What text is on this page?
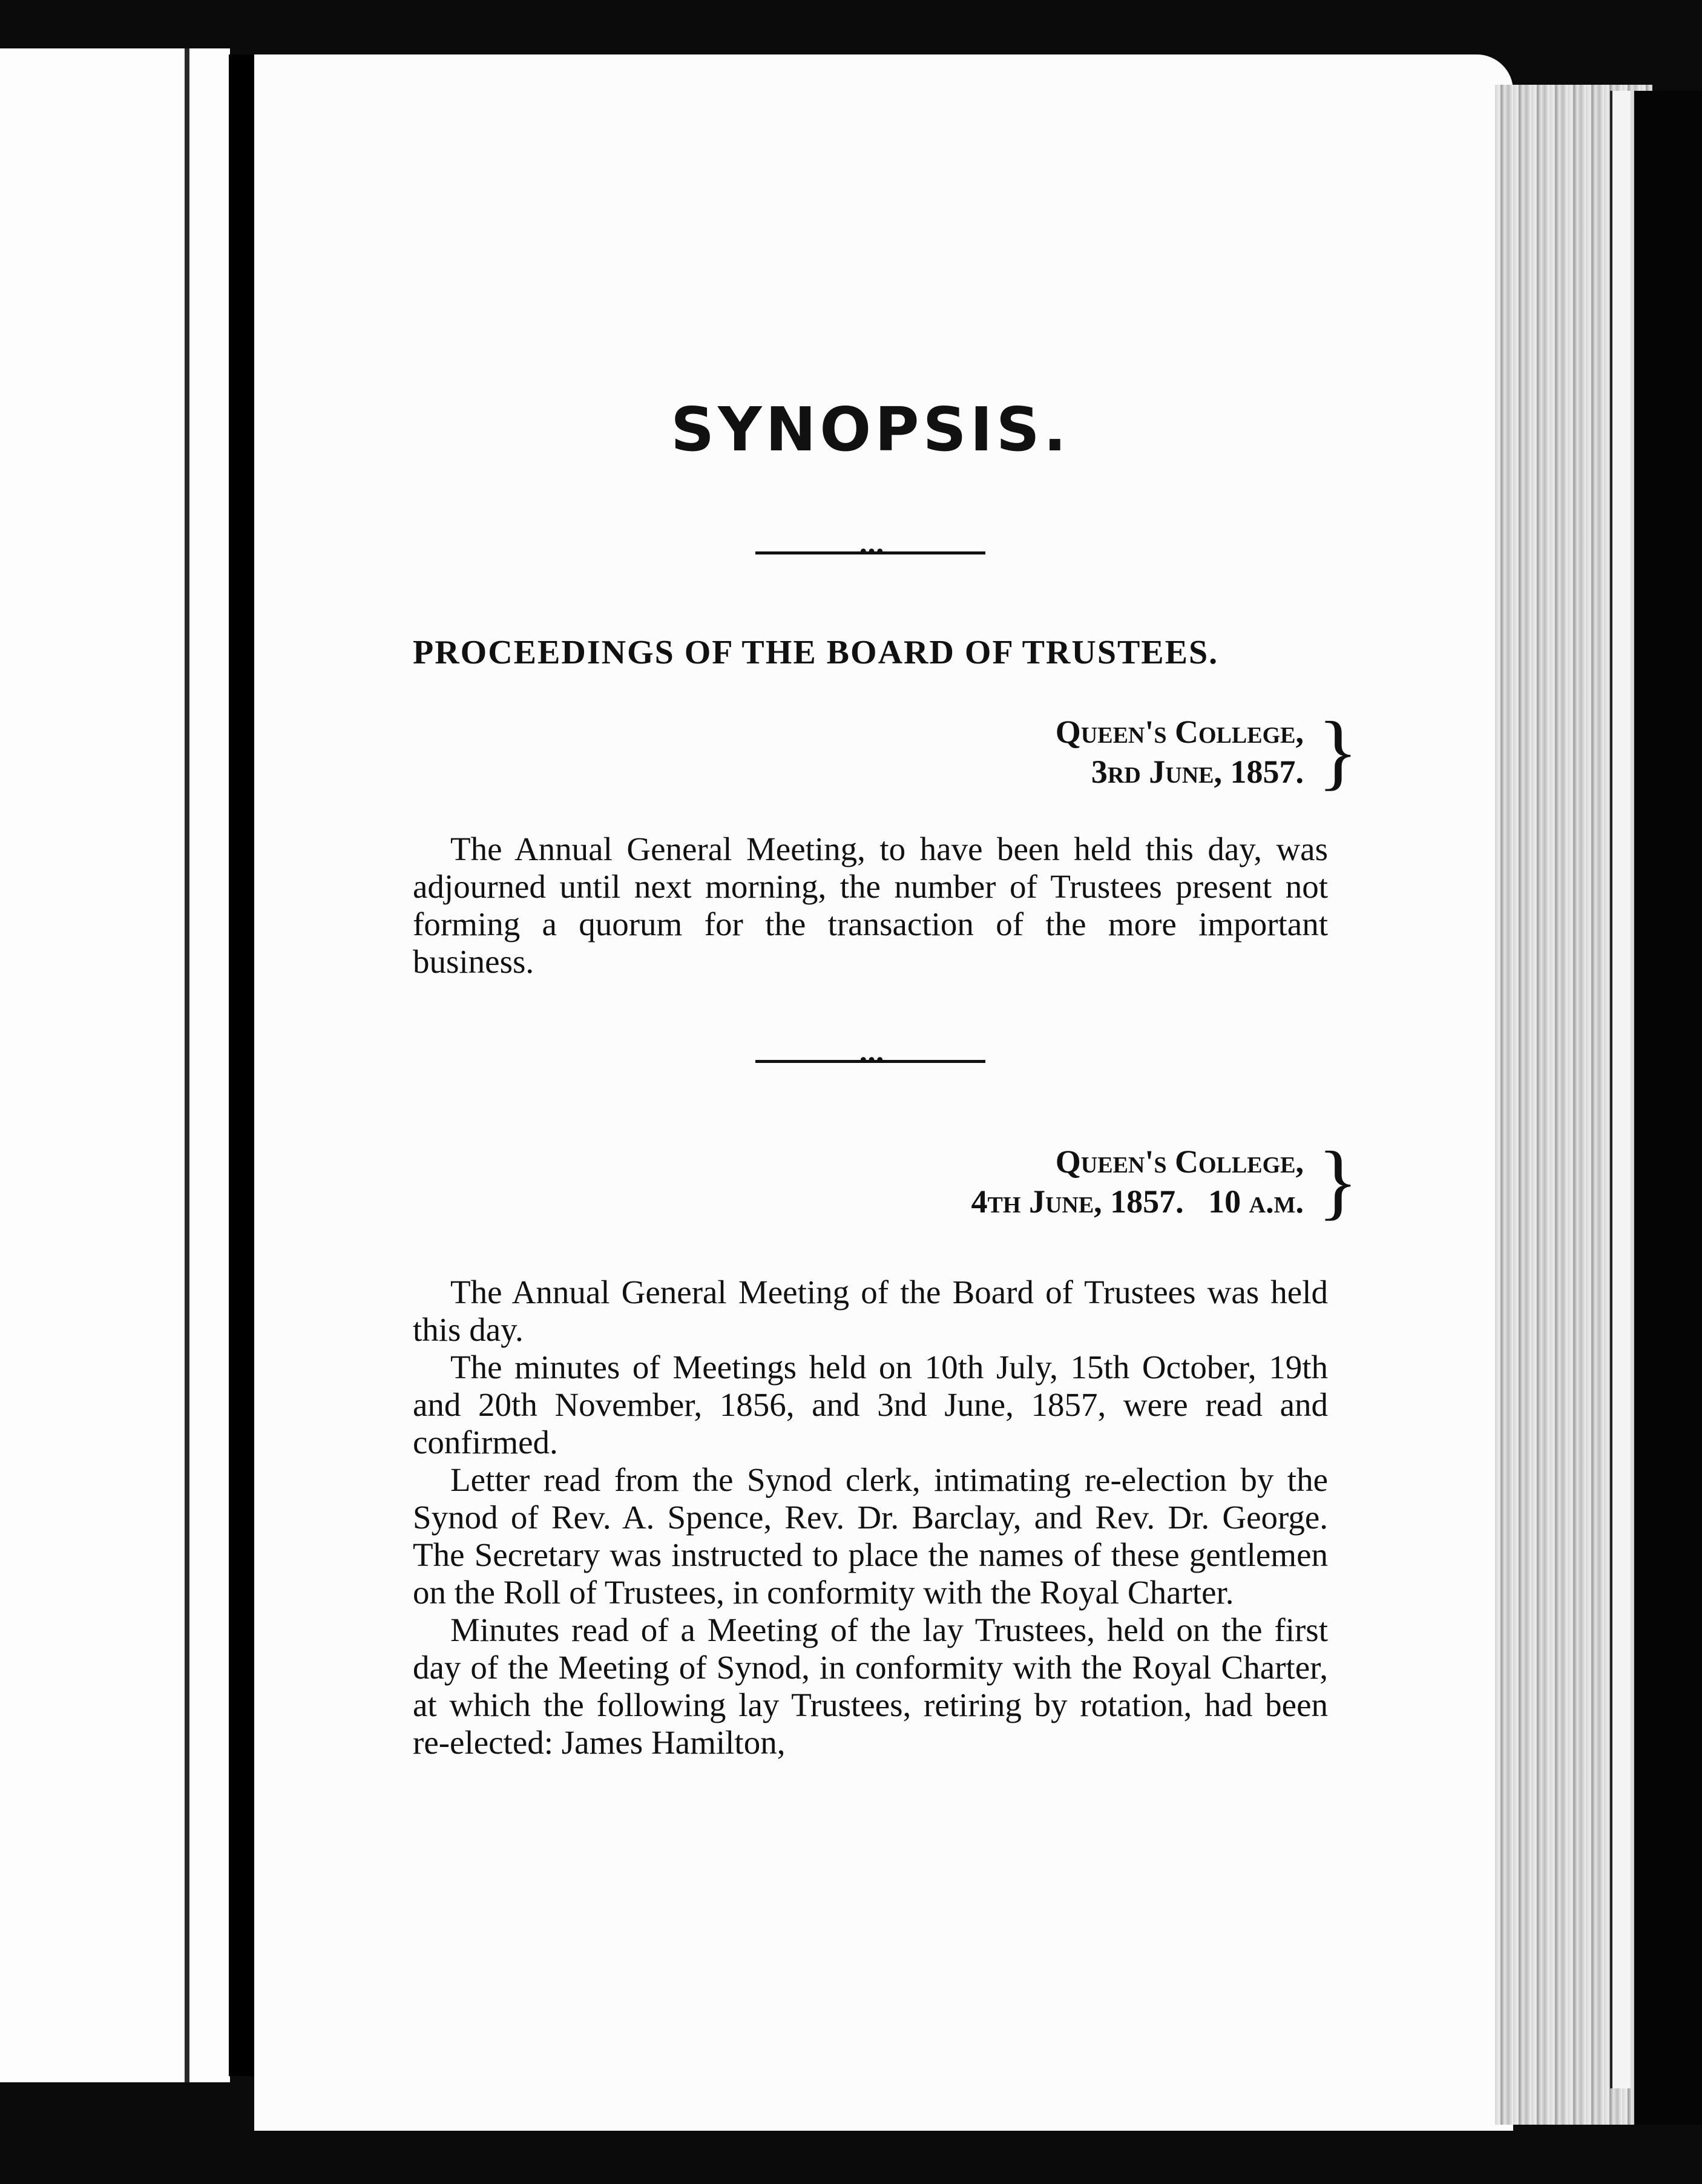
SYNOPSIS.
•••

PROCEEDINGS OF THE BOARD OF TRUSTEES.

Queen's College,
3rd June, 1857. }

The Annual General Meeting, to have been held this day, was adjourned until next morning, the number of Trustees present not forming a quorum for the transaction of the more important business.

•••
Queen's College,
4th June, 1857.   10 a.m. }

The Annual General Meeting of the Board of Trustees was held this day.

The minutes of Meetings held on 10th July, 15th October, 19th and 20th November, 1856, and 3nd June, 1857, were read and confirmed.

Letter read from the Synod clerk, intimating re-election by the Synod of Rev. A. Spence, Rev. Dr. Barclay, and Rev. Dr. George. The Secretary was instructed to place the names of these gentlemen on the Roll of Trustees, in conformity with the Royal Charter.

Minutes read of a Meeting of the lay Trustees, held on the first day of the Meeting of Synod, in conformity with the Royal Charter, at which the following lay Trustees, retiring by rotation, had been re-elected: James Hamilton,
